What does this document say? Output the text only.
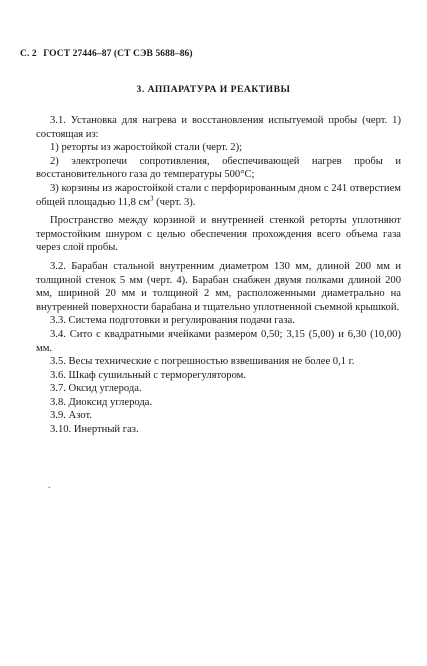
С. 2 ГОСТ 27446–87 (СТ СЭВ 5688–86)
3. АППАРАТУРА И РЕАКТИВЫ

3.1. Установка для нагрева и восстановления испытуемой пробы (черт. 1) состоящая из:

1) реторты из жаростойкой стали (черт. 2);

2) электропечи сопротивления, обеспечивающей нагрев пробы и восстановительного газа до температуры 500°С;

3) корзины из жаростойкой стали с перфорированным дном с 241 отверстием общей площадью 11,8 $см^3$ (черт. 3).

Пространство между корзиной и внутренней стенкой реторты уплотняют термостойким шнуром с целью обеспечения прохождения всего объема газа через слой пробы.

3.2. Барабан стальной внутренним диаметром 130 мм, длиной 200 мм и толщиной стенок 5 мм (черт. 4). Барабан снабжен двумя полками длиной 200 мм, шириной 20 мм и толщиной 2 мм, расположенными диаметрально на внутренней поверхности барабана и тщательно уплотненной съемной крышкой.

3.3. Система подготовки и регулирования подачи газа.

3.4. Сито с квадратными ячейками размером 0,50; 3,15 (5,00) и 6,30 (10,00) мм.

3.5. Весы технические с погрешностью взвешивания не более 0,1 г.

3.6. Шкаф сушильный с терморегулятором.

3.7. Оксид углерода.

3.8. Диоксид углерода.

3.9. Азот.

3.10. Инертный газ.

.
